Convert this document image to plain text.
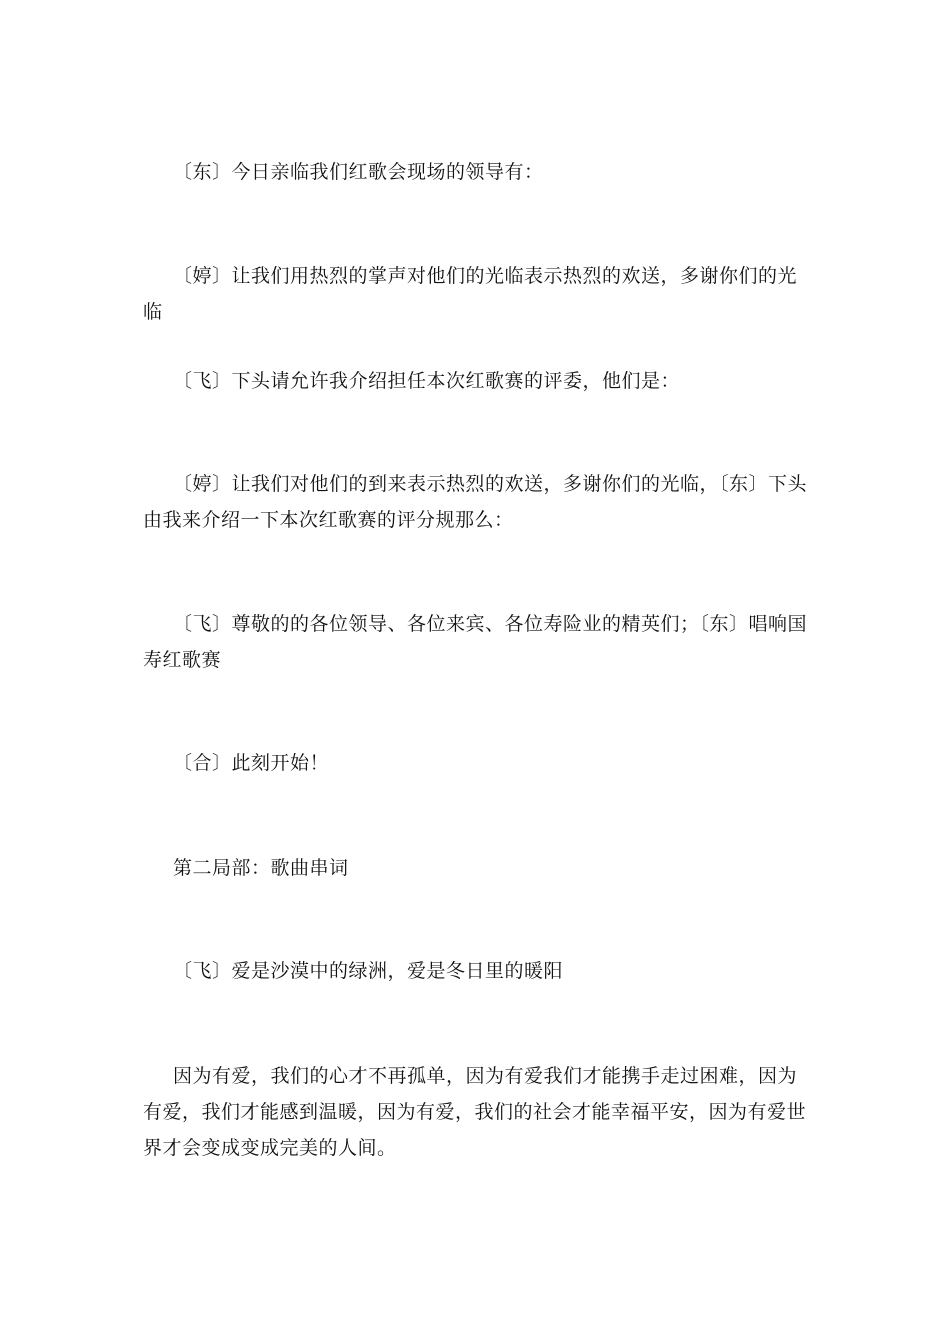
〔东〕今日亲临我们红歌会现场的领导有：

〔婷〕让我们用热烈的掌声对他们的光临表示热烈的欢送，多谢你们的光临

〔飞〕下头请允许我介绍担任本次红歌赛的评委，他们是：

〔婷〕让我们对他们的到来表示热烈的欢送，多谢你们的光临，〔东〕下头由我来介绍一下本次红歌赛的评分规那么：

〔飞〕尊敬的的各位领导、各位来宾、各位寿险业的精英们；〔东〕唱响国寿红歌赛

〔合〕此刻开始！

第二局部：歌曲串词

〔飞〕爱是沙漠中的绿洲，爱是冬日里的暖阳

因为有爱，我们的心才不再孤单，因为有爱我们才能携手走过困难，因为有爱，我们才能感到温暖，因为有爱，我们的社会才能幸福平安，因为有爱世界才会变成变成完美的人间。
